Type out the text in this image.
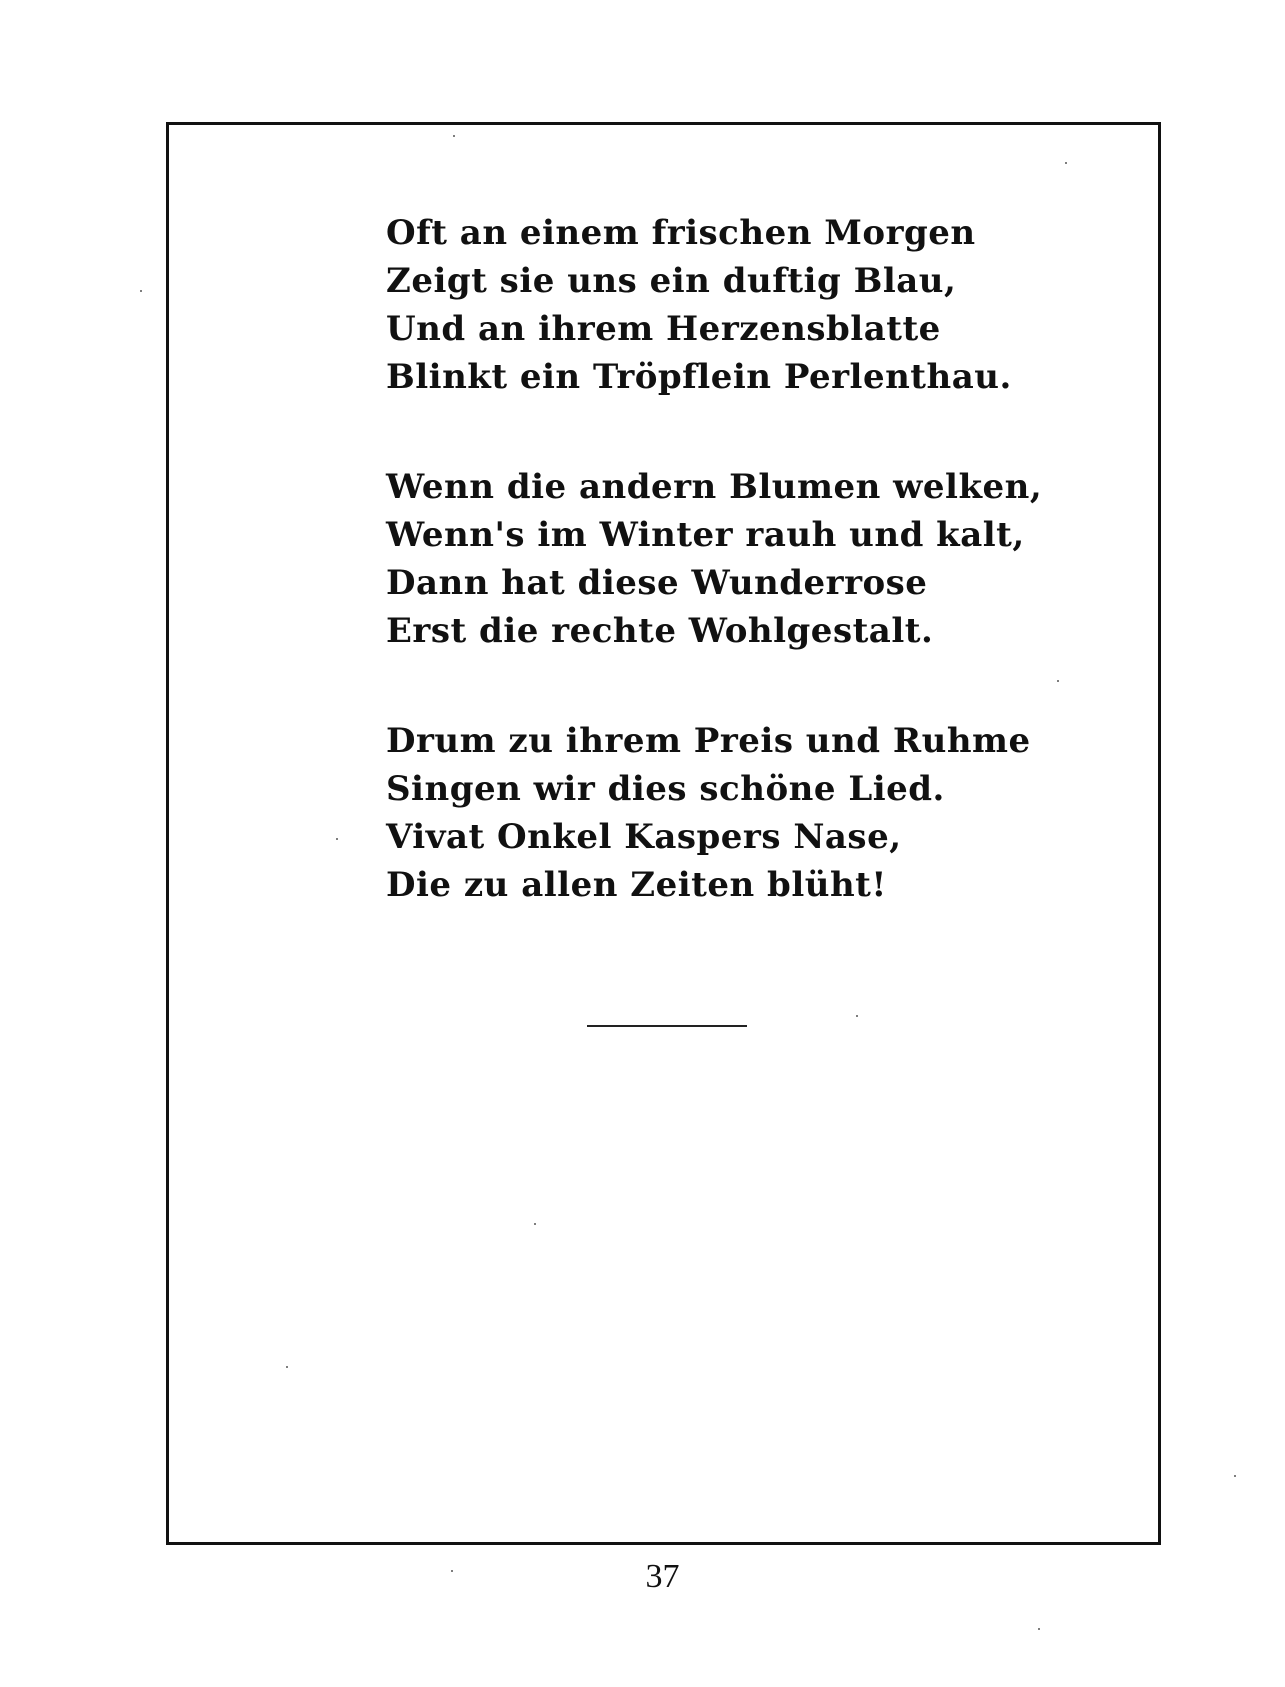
Oft an einem frischen Morgen
Zeigt sie uns ein duftig Blau,
Und an ihrem Herzensblatte
Blinkt ein Tröpflein Perlenthau.
Wenn die andern Blumen welken,
Wenn's im Winter rauh und kalt,
Dann hat diese Wunderrose
Erst die rechte Wohlgestalt.
Drum zu ihrem Preis und Ruhme
Singen wir dies schöne Lied.
Vivat Onkel Kaspers Nase,
Die zu allen Zeiten blüht!
37
